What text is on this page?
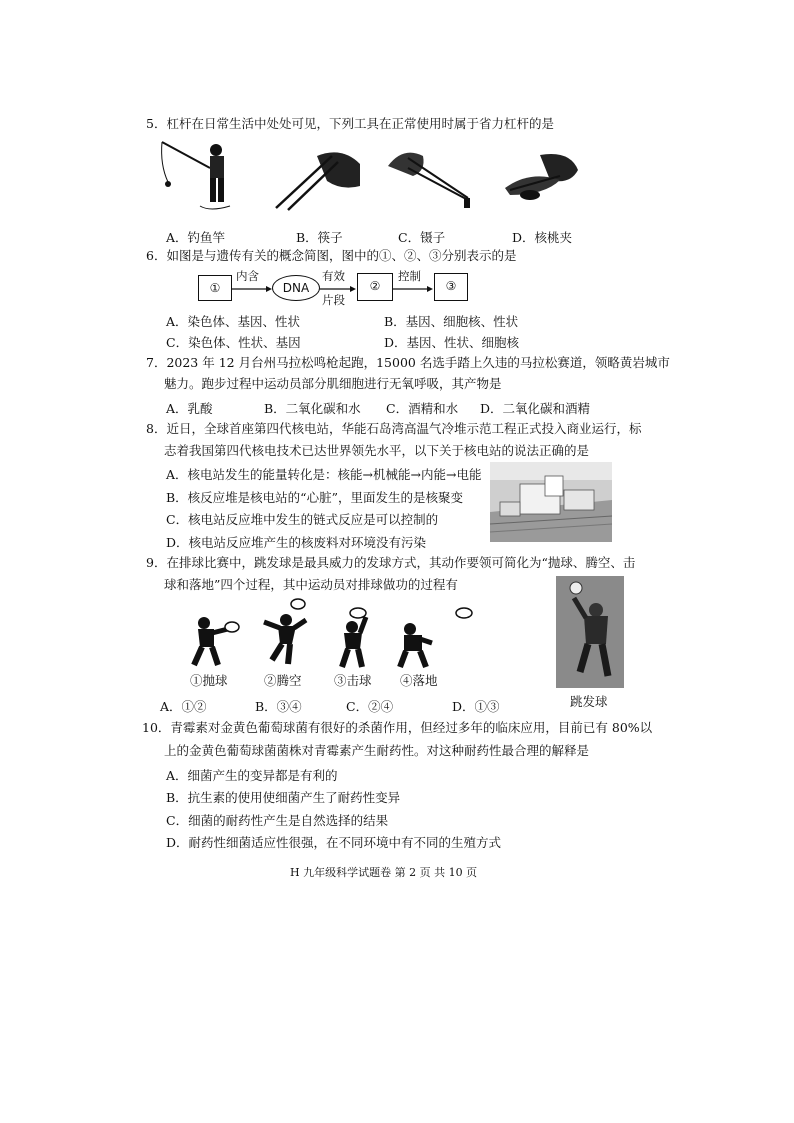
5．杠杆在日常生活中处处可见，下列工具在正常使用时属于省力杠杆的是
A．钓鱼竿	B．筷子	C．镊子	D．核桃夹
6．如图是与遗传有关的概念简图，图中的①、②、③分别表示的是
①
内含
DNA
有效
片段
②
控制
③
A．染色体、基因、性状	B．基因、细胞核、性状
C．染色体、性状、基因	D．基因、性状、细胞核
7．2023 年 12 月台州马拉松鸣枪起跑，15000 名选手踏上久违的马拉松赛道，领略黄岩城市
魅力。跑步过程中运动员部分肌细胞进行无氧呼吸，其产物是
A．乳酸	B．二氧化碳和水 C．酒精和水 D．二氧化碳和酒精
8．近日，全球首座第四代核电站，华能石岛湾高温气冷堆示范工程正式投入商业运行，标
志着我国第四代核电技术已达世界领先水平，以下关于核电站的说法正确的是
A．核电站发生的能量转化是：核能→机械能→内能→电能
B．核反应堆是核电站的“心脏”，里面发生的是核聚变
C．核电站反应堆中发生的链式反应是可以控制的
D．核电站反应堆产生的核废料对环境没有污染
9．在排球比赛中，跳发球是最具威力的发球方式，其动作要领可简化为“抛球、腾空、击
球和落地”四个过程，其中运动员对排球做功的过程有
①抛球	②腾空	③击球 ④落地
跳发球
A．①②	B．③④	C．②④	D．①③
10．青霉素对金黄色葡萄球菌有很好的杀菌作用，但经过多年的临床应用，目前已有 80%以
上的金黄色葡萄球菌菌株对青霉素产生耐药性。对这种耐药性最合理的解释是
A．细菌产生的变异都是有利的
B．抗生素的使用使细菌产生了耐药性变异
C．细菌的耐药性产生是自然选择的结果
D．耐药性细菌适应性很强，在不同环境中有不同的生殖方式
H 九年级科学试题卷 第 2 页 共 10 页
